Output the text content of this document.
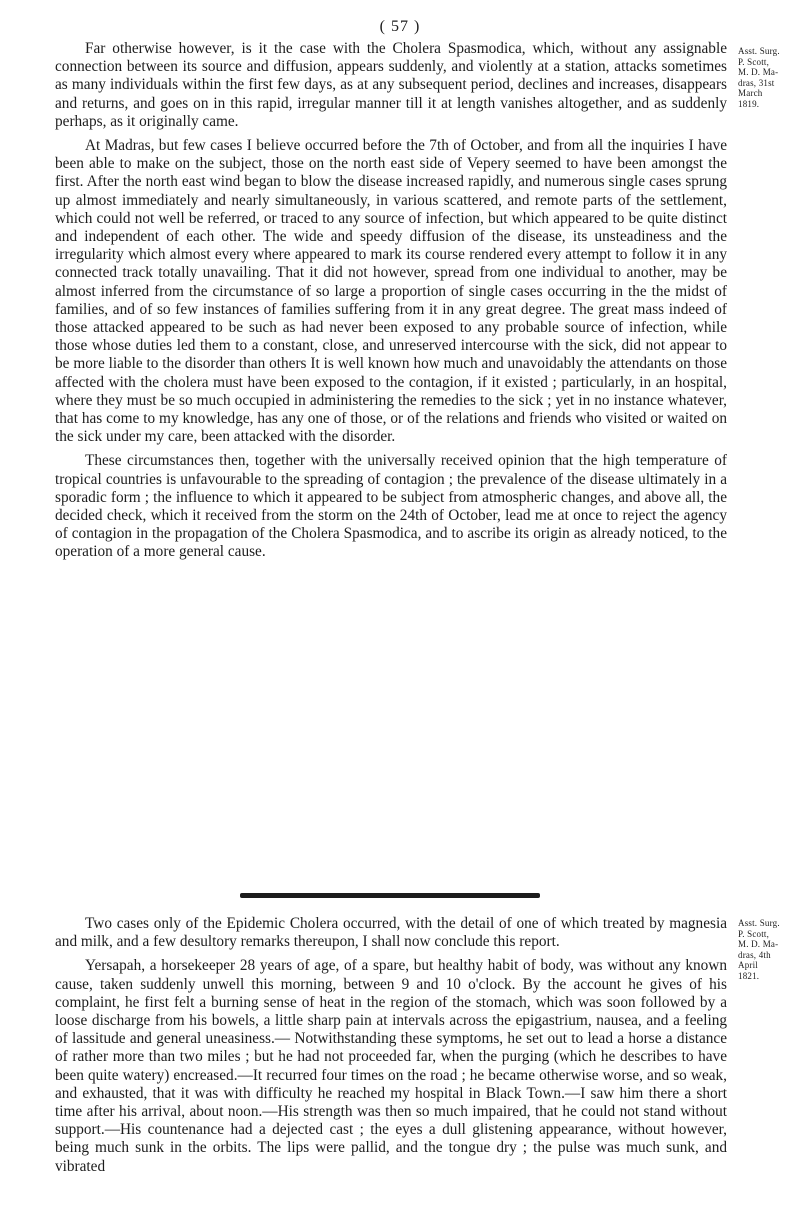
( 57 )
Asst. Surg.
P. Scott,
M. D. Ma-
dras, 31st
March
1819.

Far otherwise however, is it the case with the Cholera Spasmodica, which, without any assignable connection between its source and diffusion, appears suddenly, and violently at a station, attacks sometimes as many individuals within the first few days, as at any subsequent period, declines and increases, disappears and returns, and goes on in this rapid, irregular manner till it at length vanishes altogether, and as suddenly perhaps, as it originally came.

At Madras, but few cases I believe occurred before the 7th of October, and from all the inquiries I have been able to make on the subject, those on the north east side of Vepery seemed to have been amongst the first. After the north east wind began to blow the disease increased rapidly, and numerous single cases sprung up almost immediately and nearly simultaneously, in various scattered, and remote parts of the settlement, which could not well be referred, or traced to any source of infection, but which appeared to be quite distinct and independent of each other. The wide and speedy diffusion of the disease, its unsteadiness and the irregularity which almost every where appeared to mark its course rendered every attempt to follow it in any connected track totally unavailing. That it did not however, spread from one individual to another, may be almost inferred from the circumstance of so large a proportion of single cases occurring in the the midst of families, and of so few instances of families suffering from it in any great degree. The great mass indeed of those attacked appeared to be such as had never been exposed to any probable source of infection, while those whose duties led them to a constant, close, and unreserved intercourse with the sick, did not appear to be more liable to the disorder than others It is well known how much and unavoidably the attendants on those affected with the cholera must have been exposed to the contagion, if it existed ; particularly, in an hospital, where they must be so much occupied in administering the remedies to the sick ; yet in no instance whatever, that has come to my knowledge, has any one of those, or of the relations and friends who visited or waited on the sick under my care, been attacked with the disorder.

These circumstances then, together with the universally received opinion that the high temperature of tropical countries is unfavourable to the spreading of contagion ; the prevalence of the disease ultimately in a sporadic form ; the influence to which it appeared to be subject from atmospheric changes, and above all, the decided check, which it received from the storm on the 24th of October, lead me at once to reject the agency of contagion in the propagation of the Cholera Spasmodica, and to ascribe its origin as already noticed, to the operation of a more general cause.

Asst. Surg.
P. Scott,
M. D. Ma-
dras, 4th
April
1821.

Two cases only of the Epidemic Cholera occurred, with the detail of one of which treated by magnesia and milk, and a few desultory remarks thereupon, I shall now conclude this report.

Yersapah, a horsekeeper 28 years of age, of a spare, but healthy habit of body, was without any known cause, taken suddenly unwell this morning, between 9 and 10 o'clock. By the account he gives of his complaint, he first felt a burning sense of heat in the region of the stomach, which was soon followed by a loose discharge from his bowels, a little sharp pain at intervals across the epigastrium, nausea, and a feeling of lassitude and general uneasiness.— Notwithstanding these symptoms, he set out to lead a horse a distance of rather more than two miles ; but he had not proceeded far, when the purging (which he describes to have been quite watery) encreased.—It recurred four times on the road ; he became otherwise worse, and so weak, and exhausted, that it was with difficulty he reached my hospital in Black Town.—I saw him there a short time after his arrival, about noon.—His strength was then so much impaired, that he could not stand without support.—His countenance had a dejected cast ; the eyes a dull glistening appearance, without however, being much sunk in the orbits. The lips were pallid, and the tongue dry ; the pulse was much sunk, and vibrated
